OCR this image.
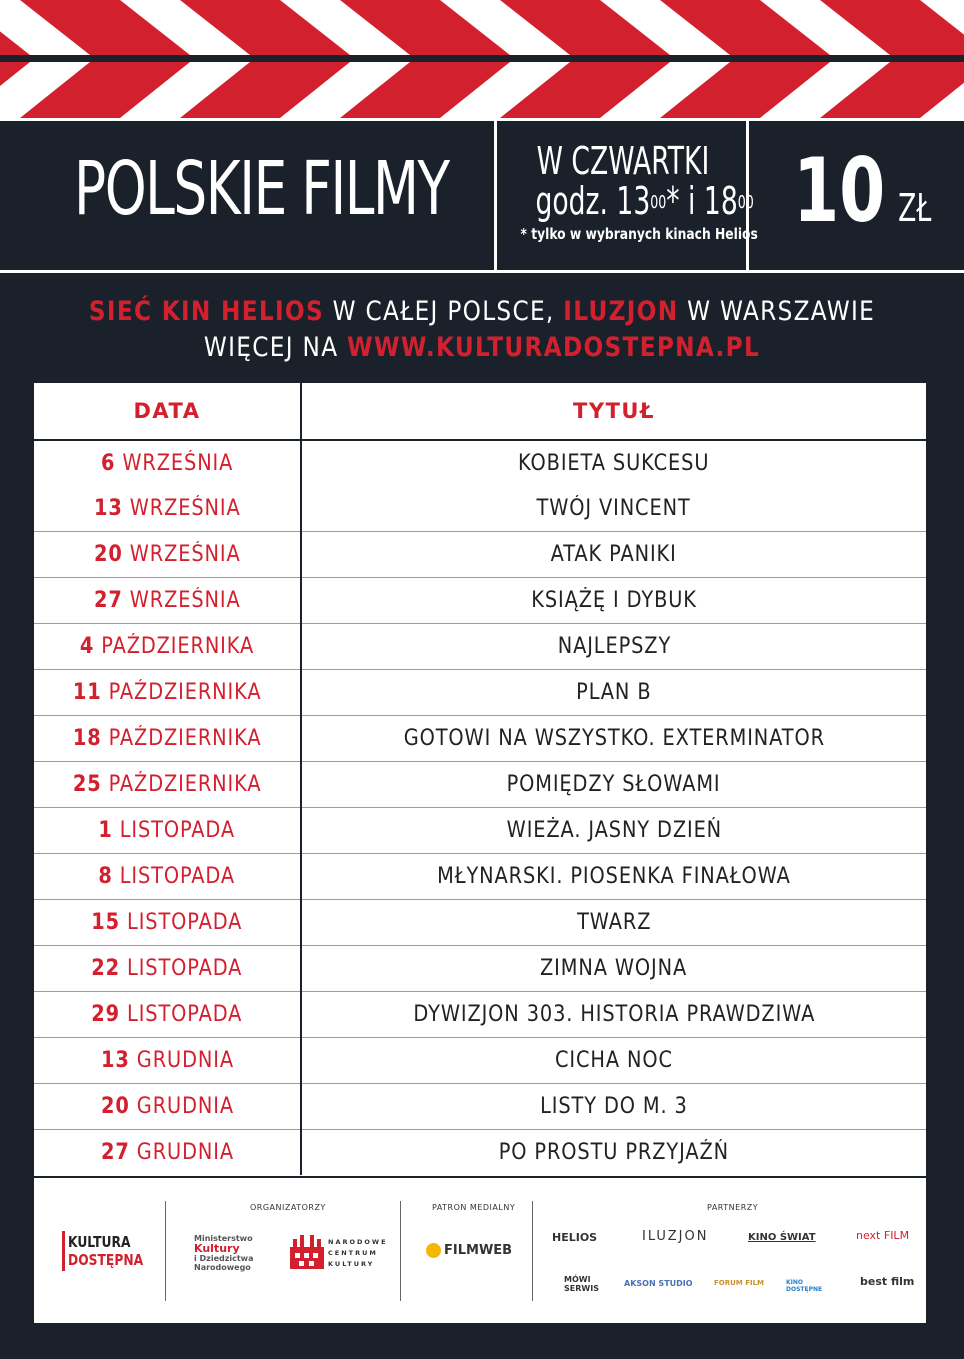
POLSKIE FILMY W CZWARTKI
godz. $13^{00}*$ i $18^{00}$
* tylko w wybranych kinach Helios 10 ZŁ
SIEĆ KIN HELIOS W CAŁEJ POLSCE, ILUZJON W WARSZAWIE
WIĘCEJ NA WWW.KULTURADOSTEPNA.PL
DATA	TYTUŁ
6 WRZEŚNIA	KOBIETA SUKCESU
13 WRZEŚNIA	TWÓJ VINCENT
20 WRZEŚNIA	ATAK PANIKI
27 WRZEŚNIA	KSIĄŻĘ I DYBUK
4 PAŹDZIERNIKA	NAJLEPSZY
11 PAŹDZIERNIKA	PLAN B
18 PAŹDZIERNIKA	GOTOWI NA WSZYSTKO. EXTERMINATOR
25 PAŹDZIERNIKA	POMIĘDZY SŁOWAMI
1 LISTOPADA	WIEŻA. JASNY DZIEŃ
8 LISTOPADA	MŁYNARSKI. PIOSENKA FINAŁOWA
15 LISTOPADA	TWARZ
22 LISTOPADA	ZIMNA WOJNA
29 LISTOPADA	DYWIZJON 303. HISTORIA PRAWDZIWA
13 GRUDNIA	CICHA NOC
20 GRUDNIA	LISTY DO M. 3
27 GRUDNIA	PO PROSTU PRZYJAŹŃ
ORGANIZATORZY	PATRON MEDIALNY	PARTNERZY
KULTURA
DOSTĘPNA
Ministerstwo
Kultury
i Dziedzictwa
Narodowego
NARODOWE
CENTRUM
KULTURY
FILMWEB
HELIOS	ILUZJON	KINO ŚWIAT	next FILM
MÓWI SERWIS
AKSON STUDIO	FORUM FILM	KINO DOSTĘPNE
best film
